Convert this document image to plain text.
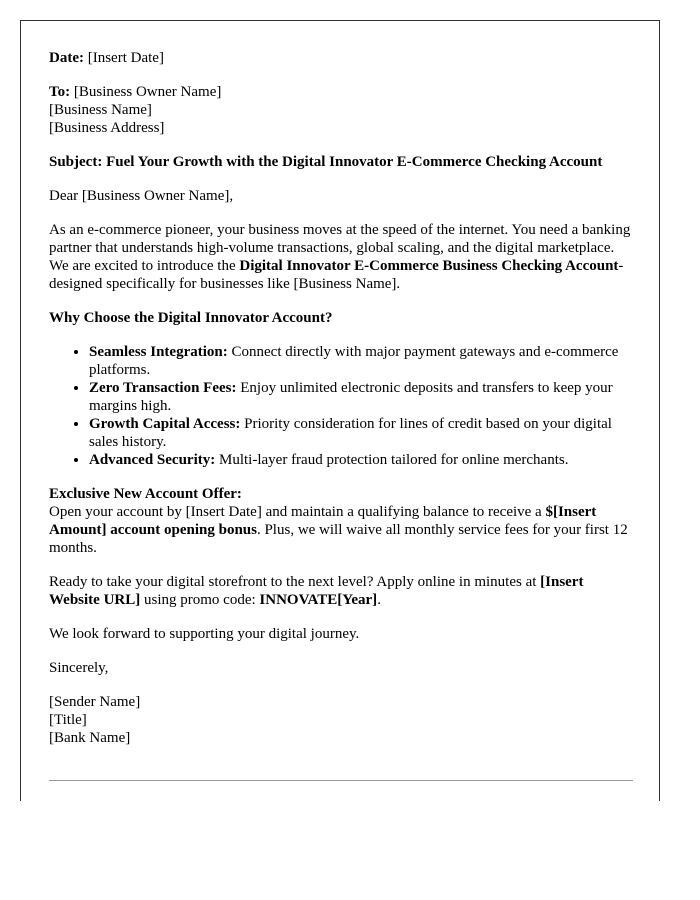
Date: [Insert Date]

To: [Business Owner Name]
[Business Name]
[Business Address]

Subject: Fuel Your Growth with the Digital Innovator E-Commerce Checking Account

Dear [Business Owner Name],

As an e-commerce pioneer, your business moves at the speed of the internet. You need a banking partner that understands high-volume transactions, global scaling, and the digital marketplace. We are excited to introduce the Digital Innovator E-Commerce Business Checking Account-designed specifically for businesses like [Business Name].

Why Choose the Digital Innovator Account?

• Seamless Integration: Connect directly with major payment gateways and e-commerce platforms.
• Zero Transaction Fees: Enjoy unlimited electronic deposits and transfers to keep your margins high.
• Growth Capital Access: Priority consideration for lines of credit based on your digital sales history.
• Advanced Security: Multi-layer fraud protection tailored for online merchants.

Exclusive New Account Offer:
Open your account by [Insert Date] and maintain a qualifying balance to receive a $[Insert Amount] account opening bonus. Plus, we will waive all monthly service fees for your first 12 months.

Ready to take your digital storefront to the next level? Apply online in minutes at [Insert Website URL] using promo code: INNOVATE[Year].

We look forward to supporting your digital journey.

Sincerely,

[Sender Name]
[Title]
[Bank Name]
